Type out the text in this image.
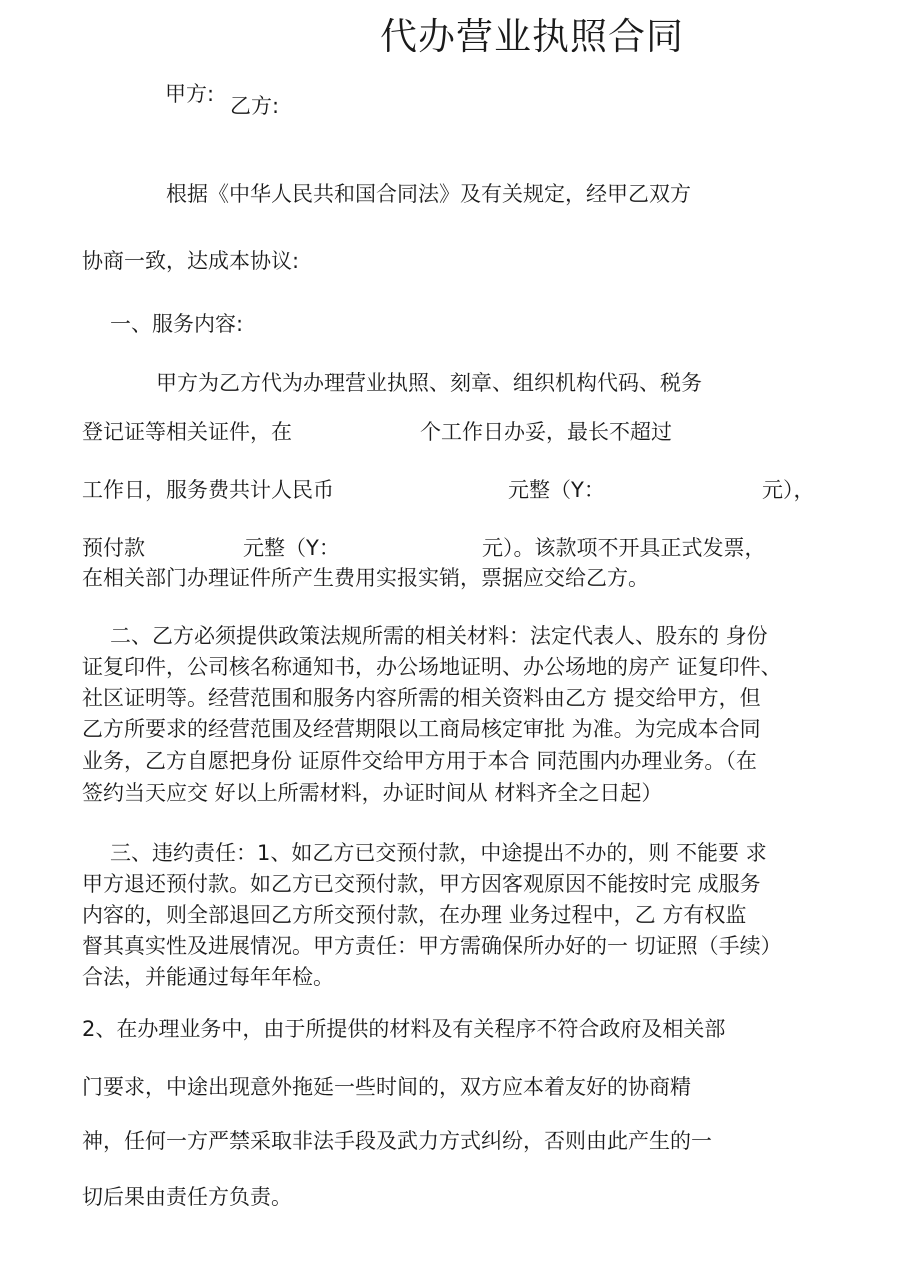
代办营业执照合同
甲方: 乙方:
根据《中华人民共和国合同法》及有关规定，经甲乙双方
协商一致，达成本协议:
一、服务内容:
甲方为乙方代为办理营业执照、刻章、组织机构代码、税务
登记证等相关证件，在	个工作日办妥，最长不超过
工作日，服务费共计人民币	元整（Y：	元），
预付款	元整（Y：	元）。该款项不开具正式发票，
在相关部门办理证件所产生费用实报实销，票据应交给乙方。
二、乙方必须提供政策法规所需的相关材料：法定代表人、股东的 身份
证复印件，公司核名称通知书，办公场地证明、办公场地的房产 证复印件、
社区证明等。经营范围和服务内容所需的相关资料由乙方 提交给甲方，但
乙方所要求的经营范围及经营期限以工商局核定审批 为准。为完成本合同
业务，乙方自愿把身份 证原件交给甲方用于本合 同范围内办理业务。（在
签约当天应交 好以上所需材料，办证时间从 材料齐全之日起）
三、违约责任：1、如乙方已交预付款，中途提出不办的，则 不能要 求
甲方退还预付款。如乙方已交预付款，甲方因客观原因不能按时完 成服务
内容的，则全部退回乙方所交预付款，在办理 业务过程中，乙 方有权监
督其真实性及进展情况。甲方责任：甲方需确保所办好的一 切证照（手续）
合法，并能通过每年年检。
2、在办理业务中，由于所提供的材料及有关程序不符合政府及相关部
门要求，中途出现意外拖延一些时间的，双方应本着友好的协商精
神，任何一方严禁采取非法手段及武力方式纠纷，否则由此产生的一
切后果由责任方负责。
